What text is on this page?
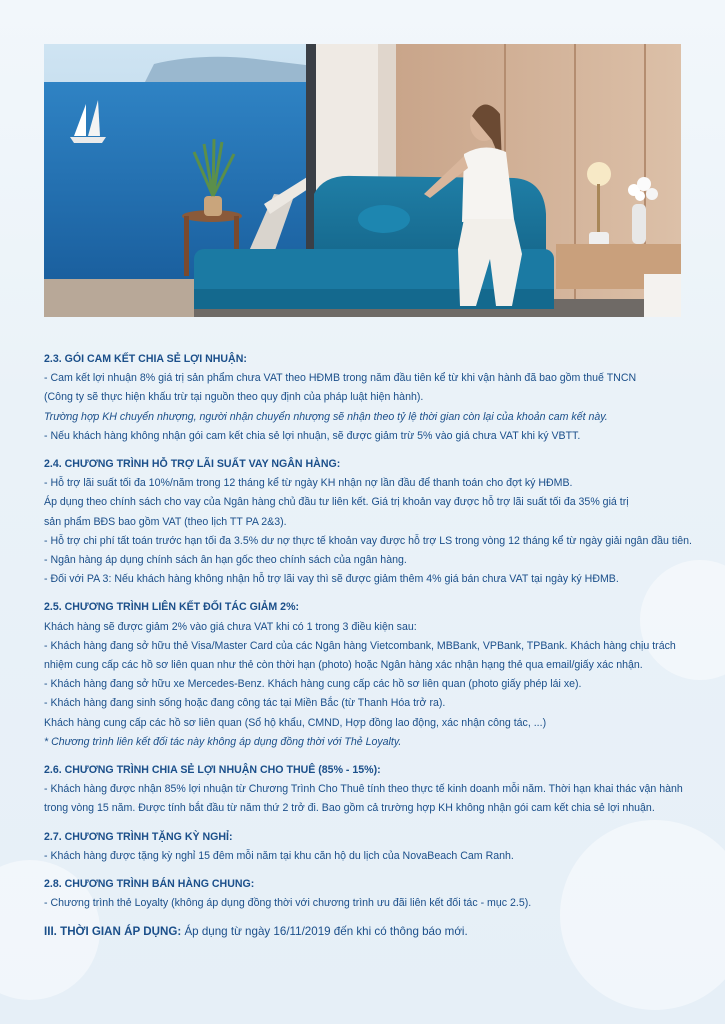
2.3. GÓI CAM KẾT CHIA SẺ LỢI NHUẬN:
- Cam kết lợi nhuận 8% giá trị sản phẩm chưa VAT theo HĐMB trong năm đầu tiên kể từ khi vận hành đã bao gồm thuế TNCN
(Công ty sẽ thực hiện khấu trừ tại nguồn theo quy định của pháp luật hiện hành).
Trường hợp KH chuyển nhượng, người nhận chuyển nhượng sẽ nhận theo tỷ lệ thời gian còn lại của khoản cam kết này.
- Nếu khách hàng không nhận gói cam kết chia sẻ lợi nhuận, sẽ được giảm trừ 5% vào giá chưa VAT khi ký VBTT.
2.4. CHƯƠNG TRÌNH HỖ TRỢ LÃI SUẤT VAY NGÂN HÀNG:
- Hỗ trợ lãi suất tối đa 10%/năm trong 12 tháng kể từ ngày KH nhận nợ lần đầu để thanh toán cho đợt ký HĐMB.
Áp dụng theo chính sách cho vay của Ngân hàng chủ đầu tư liên kết. Giá trị khoản vay được hỗ trợ lãi suất tối đa 35% giá trị
sản phẩm BĐS bao gồm VAT (theo lịch TT PA 2&3).
- Hỗ trợ chi phí tất toán trước hạn tối đa 3.5% dư nợ thực tế khoản vay được hỗ trợ LS trong vòng 12 tháng kể từ ngày giải ngân đầu tiên.
- Ngân hàng áp dụng chính sách ân hạn gốc theo chính sách của ngân hàng.
- Đối với PA 3: Nếu khách hàng không nhận hỗ trợ lãi vay thì sẽ được giảm thêm 4% giá bán chưa VAT tại ngày ký HĐMB.
2.5. CHƯƠNG TRÌNH LIÊN KẾT ĐỐI TÁC GIẢM 2%:
Khách hàng sẽ được giảm 2% vào giá chưa VAT khi có 1 trong 3 điều kiện sau:
- Khách hàng đang sở hữu thẻ Visa/Master Card của các Ngân hàng Vietcombank, MBBank, VPBank, TPBank. Khách hàng chịu trách
nhiệm cung cấp các hồ sơ liên quan như thẻ còn thời hạn (photo) hoặc Ngân hàng xác nhận hạng thẻ qua email/giấy xác nhận.
- Khách hàng đang sở hữu xe Mercedes-Benz. Khách hàng cung cấp các hồ sơ liên quan (photo giấy phép lái xe).
- Khách hàng đang sinh sống hoặc đang công tác tại Miền Bắc (từ Thanh Hóa trở ra).
Khách hàng cung cấp các hồ sơ liên quan (Sổ hộ khẩu, CMND, Hợp đồng lao động, xác nhận công tác, ...)
* Chương trình liên kết đối tác này không áp dụng đồng thời với Thẻ Loyalty.
2.6. CHƯƠNG TRÌNH CHIA SẺ LỢI NHUẬN CHO THUÊ (85% - 15%):
- Khách hàng được nhận 85% lợi nhuận từ Chương Trình Cho Thuê tính theo thực tế kinh doanh mỗi năm. Thời hạn khai thác vận hành
trong vòng 15 năm. Được tính bắt đầu từ năm thứ 2 trở đi. Bao gồm cả trường hợp KH không nhận gói cam kết chia sẻ lợi nhuận.
2.7. CHƯƠNG TRÌNH TẶNG KỲ NGHỈ:
- Khách hàng được tặng kỳ nghỉ 15 đêm mỗi năm tại khu căn hộ du lịch của NovaBeach Cam Ranh.
2.8. CHƯƠNG TRÌNH BÁN HÀNG CHUNG:
- Chương trình thẻ Loyalty (không áp dụng đồng thời với chương trình ưu đãi liên kết đối tác - mục 2.5).
III. THỜI GIAN ÁP DỤNG: Áp dụng từ ngày 16/11/2019 đến khi có thông báo mới.
